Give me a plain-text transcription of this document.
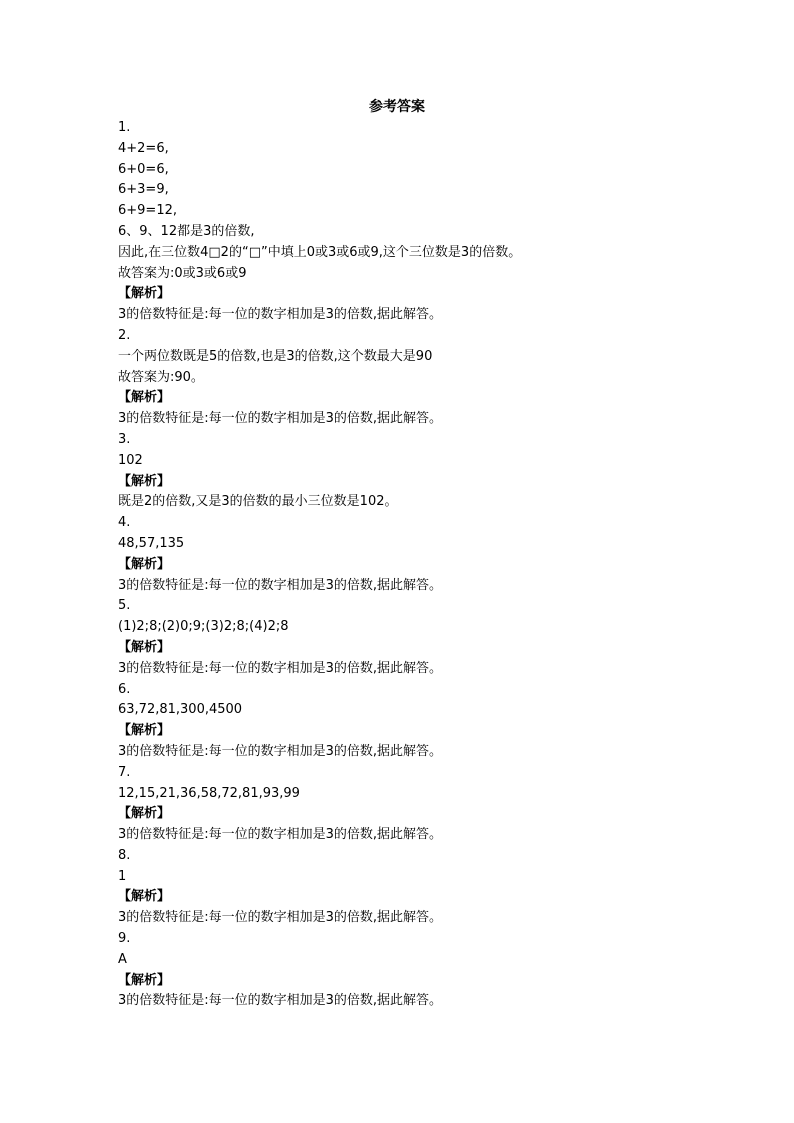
参考答案
1.
4+2=6,
6+0=6,
6+3=9,
6+9=12,
6、9、12都是3的倍数,
因此,在三位数4□2的“□”中填上0或3或6或9,这个三位数是3的倍数。
故答案为:0或3或6或9
【解析】
3的倍数特征是:每一位的数字相加是3的倍数,据此解答。
2.
一个两位数既是5的倍数,也是3的倍数,这个数最大是90
故答案为:90。
【解析】
3的倍数特征是:每一位的数字相加是3的倍数,据此解答。
3.
102
【解析】
既是2的倍数,又是3的倍数的最小三位数是102。
4.
48,57,135
【解析】
3的倍数特征是:每一位的数字相加是3的倍数,据此解答。
5.
(1)2;8;(2)0;9;(3)2;8;(4)2;8
【解析】
3的倍数特征是:每一位的数字相加是3的倍数,据此解答。
6.
63,72,81,300,4500
【解析】
3的倍数特征是:每一位的数字相加是3的倍数,据此解答。
7.
12,15,21,36,58,72,81,93,99
【解析】
3的倍数特征是:每一位的数字相加是3的倍数,据此解答。
8.
1
【解析】
3的倍数特征是:每一位的数字相加是3的倍数,据此解答。
9.
A
【解析】
3的倍数特征是:每一位的数字相加是3的倍数,据此解答。
